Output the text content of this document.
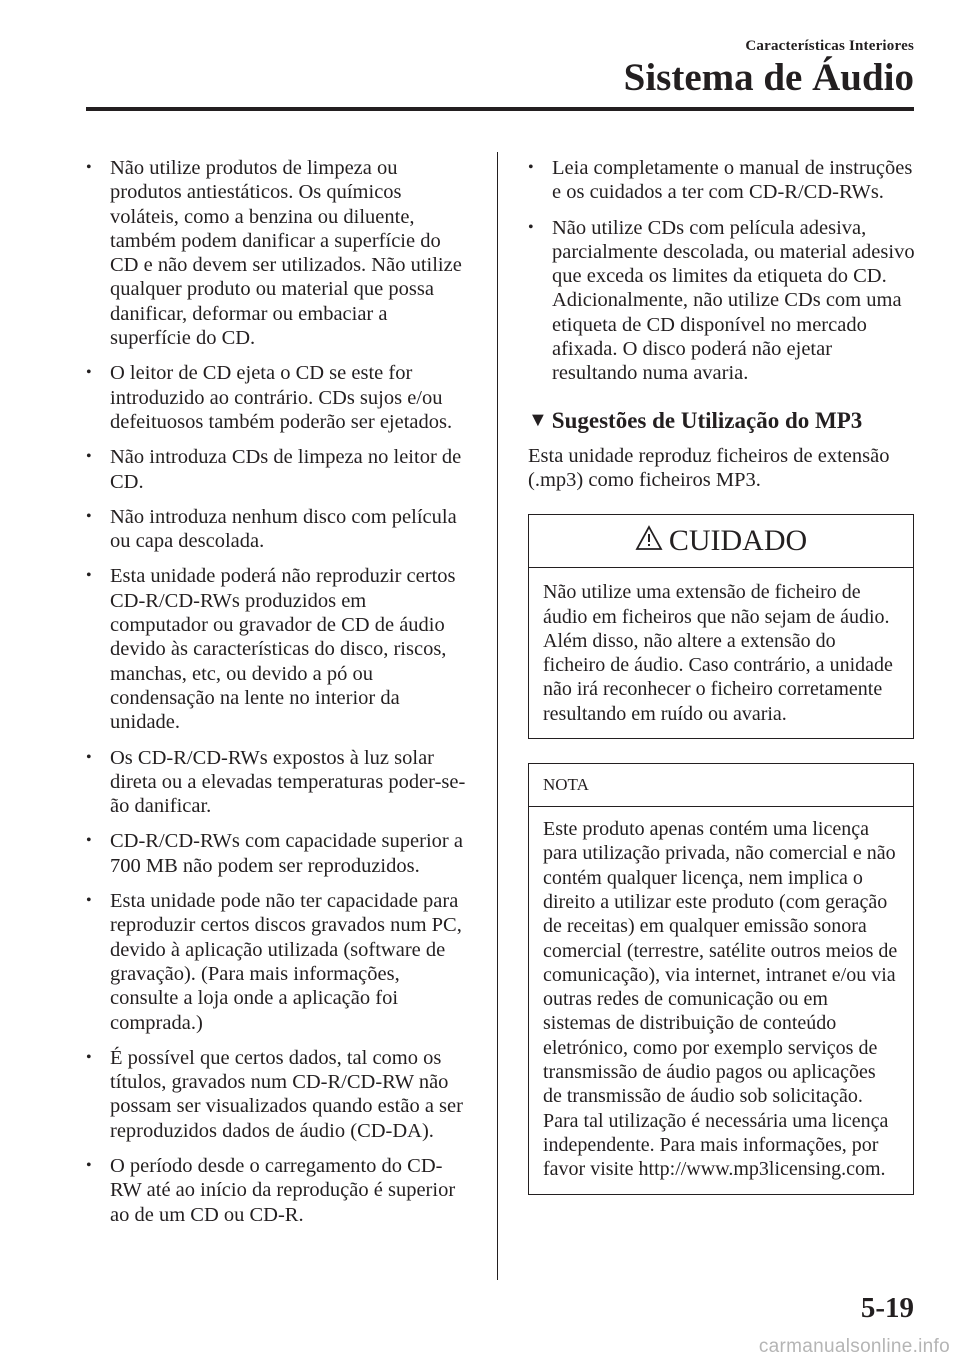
Características Interiores
Sistema de Áudio
• Não utilize produtos de limpeza ou produtos antiestáticos. Os químicos voláteis, como a benzina ou diluente, também podem danificar a superfície do CD e não devem ser utilizados. Não utilize qualquer produto ou material que possa danificar, deformar ou embaciar a superfície do CD.
• O leitor de CD ejeta o CD se este for introduzido ao contrário. CDs sujos e/ou defeituosos também poderão ser ejetados.
• Não introduza CDs de limpeza no leitor de CD.
• Não introduza nenhum disco com película ou capa descolada.
• Esta unidade poderá não reproduzir certos CD-R/CD-RWs produzidos em computador ou gravador de CD de áudio devido às características do disco, riscos, manchas, etc, ou devido a pó ou condensação na lente no interior da unidade.
• Os CD-R/CD-RWs expostos à luz solar direta ou a elevadas temperaturas poder-se-ão danificar.
• CD-R/CD-RWs com capacidade superior a 700 MB não podem ser reproduzidos.
• Esta unidade pode não ter capacidade para reproduzir certos discos gravados num PC, devido à aplicação utilizada (software de gravação). (Para mais informações, consulte a loja onde a aplicação foi comprada.)
• É possível que certos dados, tal como os títulos, gravados num CD-R/CD-RW não possam ser visualizados quando estão a ser reproduzidos dados de áudio (CD-DA).
• O período desde o carregamento do CD-RW até ao início da reprodução é superior ao de um CD ou CD-R.
• Leia completamente o manual de instruções e os cuidados a ter com CD-R/CD-RWs.
• Não utilize CDs com película adesiva, parcialmente descolada, ou material adesivo que exceda os limites da etiqueta do CD. Adicionalmente, não utilize CDs com uma etiqueta de CD disponível no mercado afixada. O disco poderá não ejetar resultando numa avaria.
▼ Sugestões de Utilização do MP3
Esta unidade reproduz ficheiros de extensão (.mp3) como ficheiros MP3.
CUIDADO
Não utilize uma extensão de ficheiro de áudio em ficheiros que não sejam de áudio. Além disso, não altere a extensão do ficheiro de áudio. Caso contrário, a unidade não irá reconhecer o ficheiro corretamente resultando em ruído ou avaria.
NOTA
Este produto apenas contém uma licença para utilização privada, não comercial e não contém qualquer licença, nem implica o direito a utilizar este produto (com geração de receitas) em qualquer emissão sonora comercial (terrestre, satélite outros meios de comunicação), via internet, intranet e/ou via outras redes de comunicação ou em sistemas de distribuição de conteúdo eletrónico, como por exemplo serviços de transmissão de áudio pagos ou aplicações de transmissão de áudio sob solicitação. Para tal utilização é necessária uma licença independente. Para mais informações, por favor visite http://www.mp3licensing.com.
5-19
carmanualsonline.info
